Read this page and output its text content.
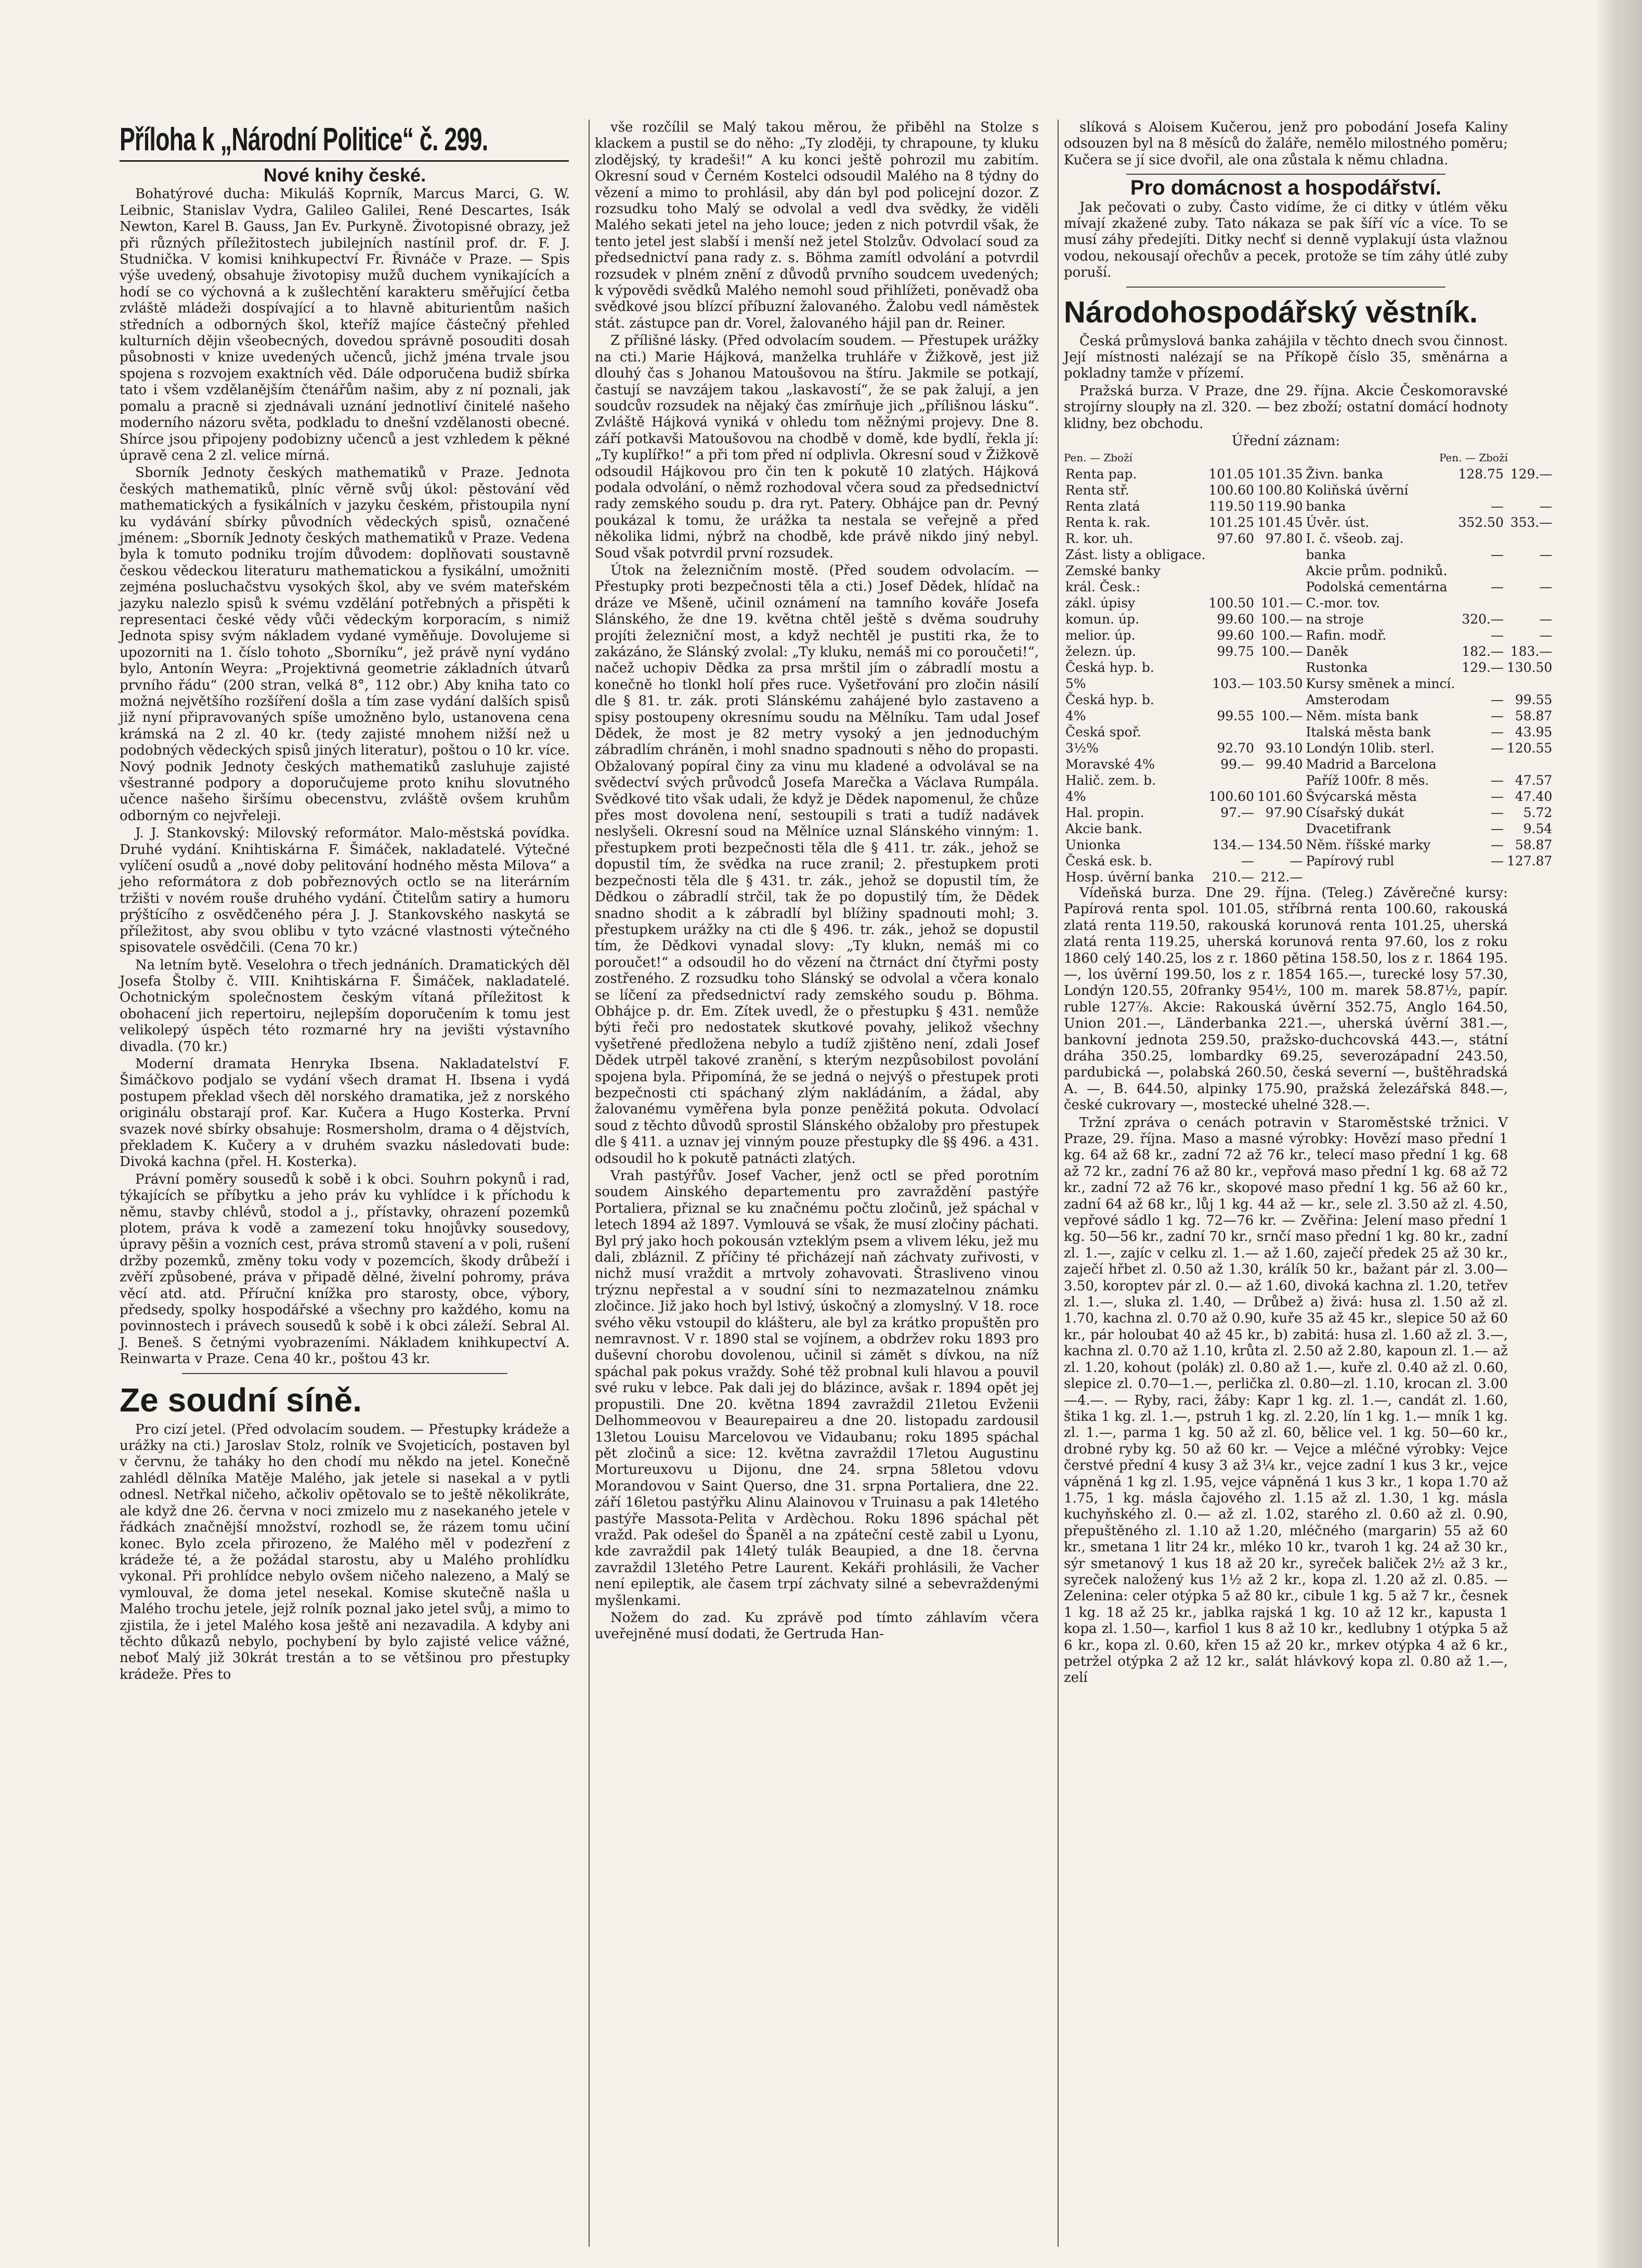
Příloha k „Národní Politice“ č. 299.
Nové knihy české.

Bohatýrové ducha: Mikuláš Koprník, Marcus Marci, G. W. Leibnic, Stanislav Vydra, Galileo Galilei, René Descartes, Isák Newton, Karel B. Gauss, Jan Ev. Purkyně. Životopisné obrazy, jež při různých příležitostech jubilejních nastínil prof. dr. F. J. Studnička. V komisi knihkupectví Fr. Řivnáče v Praze. — Spis výše uvedený, obsahuje životopisy mužů duchem vynikajících a hodí se co výchovná a k zušlechtění karakteru směřující četba zvláště mládeži dospívající a to hlavně abiturientům našich středních a odborných škol, kteříž majíce částečný přehled kulturních dějin všeobecných, dovedou správně posouditi dosah působnosti v knize uvedených učenců, jichž jména trvale jsou spojena s rozvojem exaktních věd. Dále odporučena budiž sbírka tato i všem vzdělanějším čtenářům našim, aby z ní poznali, jak pomalu a pracně si zjednávali uznání jednotliví činitelé našeho moderního názoru světa, podkladu to dnešní vzdělanosti obecné. Shírce jsou připojeny podobizny učenců a jest vzhledem k pěkné úpravě cena 2 zl. velice mírná.

Sborník Jednoty českých mathematiků v Praze. Jednota českých mathematiků, plníc věrně svůj úkol: pěstování věd mathematických a fysikálních v jazyku českém, přistoupila nyní ku vydávání sbírky původních vědeckých spisů, označené jménem: „Sborník Jednoty českých mathematiků v Praze. Vedena byla k tomuto podniku trojím důvodem: doplňovati soustavně českou vědeckou literaturu mathematickou a fysikální, umožniti zejména posluchačstvu vysokých škol, aby ve svém mateřském jazyku nalezlo spisů k svému vzdělání potřebných a přispěti k representaci české vědy vůči vědeckým korporacím, s nimiž Jednota spisy svým nákladem vydané vyměňuje. Dovolujeme si upozorniti na 1. číslo tohoto „Sborníku“, jež právě nyní vydáno bylo, Antonín Weyra: „Projektivná geometrie základních útvarů prvního řádu“ (200 stran, velká 8°, 112 obr.) Aby kniha tato co možná největšího rozšíření došla a tím zase vydání dalších spisů již nyní připravovaných spíše umožněno bylo, ustanovena cena krámská na 2 zl. 40 kr. (tedy zajisté mnohem nižší než u podobných vědeckých spisů jiných literatur), poštou o 10 kr. více. Nový podnik Jednoty českých mathematiků zasluhuje zajisté všestranné podpory a doporučujeme proto knihu slovutného učence našeho širšímu obecenstvu, zvláště ovšem kruhům odborným co nejvřeleji.

J. J. Stankovský: Milovský reformátor. Malo-městská povídka. Druhé vydání. Knihtiskárna F. Šimáček, nakladatelé. Výtečné vylíčení osudů a „nové doby pelitování hodného města Milova“ a jeho reformátora z dob pobřeznových octlo se na literárním tržišti v novém rouše druhého vydání. Čtitelům satiry a humoru prýštícího z osvědčeného péra J. J. Stankovského naskytá se příležitost, aby svou oblibu v tyto vzácné vlastnosti výtečného spisovatele osvědčili. (Cena 70 kr.)

Na letním bytě. Veselohra o třech jednáních. Dramatických děl Josefa Štolby č. VIII. Knihtiskárna F. Šimáček, nakladatelé. Ochotnickým společnostem českým vítaná příležitost k obohacení jich repertoiru, nejlepším doporučením k tomu jest velikolepý úspěch této rozmarné hry na jevišti výstavního divadla. (70 kr.)

Moderní dramata Henryka Ibsena. Nakladatelství F. Šimáčkovo podjalo se vydání všech dramat H. Ibsena i vydá postupem překlad všech děl norského dramatika, jež z norského originálu obstarají prof. Kar. Kučera a Hugo Kosterka. První svazek nové sbírky obsahuje: Rosmersholm, drama o 4 dějstvích, překladem K. Kučery a v druhém svazku následovati bude: Divoká kachna (přel. H. Kosterka).

Právní poměry sousedů k sobě i k obci. Souhrn pokynů i rad, týkajících se příbytku a jeho práv ku vyhlídce i k příchodu k němu, stavby chlévů, stodol a j., přístavky, ohrazení pozemků plotem, práva k vodě a zamezení toku hnojůvky sousedovy, úpravy pěšin a vozních cest, práva stromů stavení a v poli, rušení držby pozemků, změny toku vody v pozemcích, škody drůbeží i zvěří způsobené, práva v připadě dělné, živelní pohromy, práva věcí atd. atd. Příruční knížka pro starosty, obce, výbory, předsedy, spolky hospodářské a všechny pro každého, komu na povinnostech i právech sousedů k sobě i k obci záleží. Sebral Al. J. Beneš. S četnými vyobrazeními. Nákladem knihkupectví A. Reinwarta v Praze. Cena 40 kr., poštou 43 kr.

Ze soudní síně.

Pro cizí jetel. (Před odvolacím soudem. — Přestupky krádeže a urážky na cti.) Jaroslav Stolz, rolník ve Svojeticích, postaven byl v červnu, že taháky ho den chodí mu někdo na jetel. Konečně zahlédl dělníka Matěje Malého, jak jetele si nasekal a v pytli odnesl. Netřkal ničeho, ačkoliv opětovalo se to ještě několikráte, ale když dne 26. června v noci zmizelo mu z nasekaného jetele v řádkách značnější množství, rozhodl se, že rázem tomu učiní konec. Bylo zcela přirozeno, že Malého měl v podezření z krádeže té, a že požádal starostu, aby u Malého prohlídku vykonal. Při prohlídce nebylo ovšem ničeho nalezeno, a Malý se vymlouval, že doma jetel nesekal. Komise skutečně našla u Malého trochu jetele, jejž rolník poznal jako jetel svůj, a mimo to zjistila, že i jetel Malého kosa ještě ani nezavadila. A kdyby ani těchto důkazů nebylo, pochybení by bylo zajisté velice vážné, neboť Malý již 30krát trestán a to se většinou pro přestupky krádeže. Přes to

vše rozčílil se Malý takou měrou, že přiběhl na Stolze s klackem a pustil se do něho: „Ty zloději, ty chrapoune, ty kluku zlodějský, ty kradeši!“ A ku konci ještě pohrozil mu zabitím. Okresní soud v Černém Kostelci odsoudil Malého na 8 týdny do vězení a mimo to prohlásil, aby dán byl pod policejní dozor. Z rozsudku toho Malý se odvolal a vedl dva svědky, že viděli Malého sekati jetel na jeho louce; jeden z nich potvrdil však, že tento jetel jest slabší i menší než jetel Stolzův. Odvolací soud za předsednictví pana rady z. s. Böhma zamítl odvolání a potvrdil rozsudek v plném znění z důvodů prvního soudcem uvedených; k výpovědi svědků Malého nemohl soud přihlížeti, poněvadž oba svědkové jsou blízcí příbuzní žalovaného. Žalobu vedl náměstek stát. zástupce pan dr. Vorel, žalovaného hájil pan dr. Reiner.

Z přílišné lásky. (Před odvolacím soudem. — Přestupek urážky na cti.) Marie Hájková, manželka truhláře v Žižkově, jest již dlouhý čas s Johanou Matoušovou na štíru. Jakmile se potkají, častují se navzájem takou „laskavostí“, že se pak žalují, a jen soudcův rozsudek na nějaký čas zmírňuje jich „přílišnou lásku“. Zvláště Hájková vyniká v ohledu tom něžnými projevy. Dne 8. září potkavši Matoušovou na chodbě v domě, kde bydlí, řekla jí: „Ty kuplířko!“ a při tom před ní odplivla. Okresní soud v Žižkově odsoudil Hájkovou pro čin ten k pokutě 10 zlatých. Hájková podala odvolání, o němž rozhodoval včera soud za předsednictví rady zemského soudu p. dra ryt. Patery. Obhájce pan dr. Pevný poukázal k tomu, že urážka ta nestala se veřejně a před několika lidmi, nýbrž na chodbě, kde právě nikdo jiný nebyl. Soud však potvrdil první rozsudek.

Útok na železničním mostě. (Před soudem odvolacím. — Přestupky proti bezpečnosti těla a cti.) Josef Dědek, hlídač na dráze ve Mšeně, učinil oznámení na tamního kováře Josefa Slánského, že dne 19. května chtěl ještě s dvěma soudruhy projíti železniční most, a když nechtěl je pustiti rka, že to zakázáno, že Slánský zvolal: „Ty kluku, nemáš mi co poroučeti!“, načež uchopiv Dědka za prsa mrštil jím o zábradlí mostu a konečně ho tlonkl holí přes ruce. Vyšetřování pro zločin násilí dle § 81. tr. zák. proti Slánskému zahájené bylo zastaveno a spisy postoupeny okresnímu soudu na Mělníku. Tam udal Josef Dědek, že most je 82 metry vysoký a jen jednoduchým zábradlím chráněn, i mohl snadno spadnouti s něho do propasti. Obžalovaný popíral činy za vinu mu kladené a odvolával se na svědectví svých průvodců Josefa Marečka a Václava Rumpála. Svědkové tito však udali, že když je Dědek napomenul, že chůze přes most dovolena není, sestoupili s trati a tudíž nadávek neslyšeli. Okresní soud na Mělníce uznal Slánského vinným: 1. přestupkem proti bezpečnosti těla dle § 411. tr. zák., jehož se dopustil tím, že svědka na ruce zranil; 2. přestupkem proti bezpečnosti těla dle § 431. tr. zák., jehož se dopustil tím, že Dědkou o zábradlí strčil, tak že po dopustilý tím, že Dědek snadno shodit a k zábradlí byl blížiny spadnouti mohl; 3. přestupkem urážky na cti dle § 496. tr. zák., jehož se dopustil tím, že Dědkovi vynadal slovy: „Ty klukn, nemáš mi co poroučet!“ a odsoudil ho do vězení na čtrnáct dní čtyřmi posty zostřeného. Z rozsudku toho Slánský se odvolal a včera konalo se líčení za předsednictví rady zemského soudu p. Böhma. Obhájce p. dr. Em. Zítek uvedl, že o přestupku § 431. nemůže býti řeči pro nedostatek skutkové povahy, jelikož všechny vyšetřené předložena nebylo a tudíž zjištěno není, zdali Josef Dědek utrpěl takové zranění, s kterým nezpůsobilost povolání spojena byla. Připomíná, že se jedná o nejvýš o přestupek proti bezpečnosti cti spáchaný zlým nakládáním, a žádal, aby žalovanému vyměřena byla ponze peněžitá pokuta. Odvolací soud z těchto důvodů sprostil Slánského obžaloby pro přestupek dle § 411. a uznav jej vinným pouze přestupky dle §§ 496. a 431. odsoudil ho k pokutě patnácti zlatých.

Vrah pastýřův. Josef Vacher, jenž octl se před porotním soudem Ainského departementu pro zavraždění pastýře Portaliera, přiznal se ku značnému počtu zločinů, jež spáchal v letech 1894 až 1897. Vymlouvá se však, že musí zločiny páchati. Byl prý jako hoch pokousán vzteklým psem a vlivem léku, jež mu dali, zbláznil. Z příčiny té přicházejí naň záchvaty zuřivosti, v nichž musí vraždit a mrtvoly zohavovati. Štrasliveno vinou trýznu nepřestal a v soudní síni to nezmazatelnou známku zločince. Již jako hoch byl lstivý, úskočný a zlomyslný. V 18. roce svého věku vstoupil do klášteru, ale byl za krátko propuštěn pro nemravnost. V r. 1890 stal se vojínem, a obdržev roku 1893 pro duševní chorobu dovolenou, učinil si zámět s dívkou, na níž spáchal pak pokus vraždy. Sohé těž probnal kuli hlavou a pouvil své ruku v lebce. Pak dali jej do blázince, avšak r. 1894 opět jej propustili. Dne 20. května 1894 zavraždil 21letou Evženii Delhommeovou v Beaurepaireu a dne 20. listopadu zardousil 13letou Louisu Marcelovou ve Vidaubanu; roku 1895 spáchal pět zločinů a sice: 12. května zavraždil 17letou Augustinu Mortureuxovu u Dijonu, dne 24. srpna 58letou vdovu Morandovou v Saint Querso, dne 31. srpna Portaliera, dne 22. září 16letou pastýřku Alinu Alainovou v Truinasu a pak 14letého pastýře Massota-Pelita v Ardèchou. Roku 1896 spáchal pět vražd. Pak odešel do Španěl a na zpáteční cestě zabil u Lyonu, kde zavraždil pak 14letý tulák Beaupied, a dne 18. června zavraždil 13letého Petre Laurent. Kekáři prohlásili, že Vacher není epileptik, ale časem trpí záchvaty silné a sebevraždenými myšlenkami.

Nožem do zad. Ku zprávě pod tímto záhlavím včera uveřejněné musí dodati, že Gertruda Han-

slíková s Aloisem Kučerou, jenž pro pobodání Josefa Kaliny odsouzen byl na 8 měsíců do žaláře, nemělo milostného poměru; Kučera se jí sice dvořil, ale ona zůstala k němu chladna.

Pro domácnost a hospodářství.

Jak pečovati o zuby. Často vidíme, že ci ditky v útlém věku mívají zkažené zuby. Tato nákaza se pak šíří víc a více. To se musí záhy předejíti. Ditky nechť si denně vyplakují ústa vlažnou vodou, nekousají ořechův a pecek, protože se tím záhy útlé zuby poruší.

Národohospodářský věstník.

Česká průmyslová banka zahájila v těchto dnech svou činnost. Její místnosti nalézají se na Příkopě číslo 35, směnárna a pokladny tamže v přízemí.

Pražská burza. V Praze, dne 29. října. Akcie Českomoravské strojírny sloupły na zl. 320. — bez zboží; ostatní domácí hodnoty klidny, bez obchodu.

Úřední záznam:
Pen. — Zboží	Pen. — Zboží
Renta pap.	101.05	101.35	Živn. banka	128.75	129.—
Renta stř.	100.60	100.80	Koliňská úvěrní		
Renta zlatá	119.50	119.90	banka	—	—
Renta k. rak.	101.25	101.45	Úvěr. úst.	352.50	353.—
R. kor. uh.	97.60	97.80	I. č. všeob. zaj.		
Zást. listy a obligace.			banka	—	—
Zemské banky			Akcie prům. podniků.		
král. Česk.:			Podolská cementárna	—	—
zákl. úpisy	100.50	101.—	C.-mor. tov.		
komun. úp.	99.60	100.—	na stroje	320.—	—
melior. úp.	99.60	100.—	Rafin. modř.	—	—
železn. úp.	99.75	100.—	Daněk	182.—	183.—
Česká hyp. b.			Rustonka	129.—	130.50
5%	103.—	103.50	Kursy směnek a mincí.		
Česká hyp. b.			Amsterodam	—	99.55
4%	99.55	100.—	Něm. místa bank	—	58.87
Česká spoř.			Italská města bank	—	43.95
3½%	92.70	93.10	Londýn 10lib. sterl.	—	120.55
Moravské 4%	99.—	99.40	Madrid a Barcelona		
Halič. zem. b.			Paříž 100fr. 8 měs.	—	47.57
4%	100.60	101.60	Švýcarská města	—	47.40
Hal. propin.	97.—	97.90	Císařský dukát	—	5.72
Akcie bank.			Dvacetifrank	—	9.54
Unionka	134.—	134.50	Něm. říšské marky	—	58.87
Česká esk. b.	—	—	Papírový rubl	—	127.87
Hosp. úvěrní banka	210.—	212.—			

Vídeňská burza. Dne 29. října. (Teleg.) Závěrečné kursy: Papírová renta spol. 101.05, stříbrná renta 100.60, rakouská zlatá renta 119.50, rakouská korunová renta 101.25, uherská zlatá renta 119.25, uherská korunová renta 97.60, los z roku 1860 celý 140.25, los z r. 1860 pětina 158.50, los z r. 1864 195.—, los úvěrní 199.50, los z r. 1854 165.—, turecké losy 57.30, Londýn 120.55, 20franky 954½, 100 m. marek 58.87½, papír. ruble 127⅞. Akcie: Rakouská úvěrní 352.75, Anglo 164.50, Union 201.—, Länderbanka 221.—, uherská úvěrní 381.—, bankovní jednota 259.50, pražsko-duchcovská 443.—, státní dráha 350.25, lombardky 69.25, severozápadní 243.50, pardubická —, polabská 260.50, česká severní —, buštěhradská A. —, B. 644.50, alpinky 175.90, pražská železářská 848.—, české cukrovary —, mostecké uhelné 328.—.

Tržní zpráva o cenách potravin v Staroměstské tržnici. V Praze, 29. října. Maso a masné výrobky: Hovězí maso přední 1 kg. 64 až 68 kr., zadní 72 až 76 kr., telecí maso přední 1 kg. 68 až 72 kr., zadní 76 až 80 kr., vepřová maso přední 1 kg. 68 až 72 kr., zadní 72 až 76 kr., skopové maso přední 1 kg. 56 až 60 kr., zadní 64 až 68 kr., lůj 1 kg. 44 až — kr., sele zl. 3.50 až zl. 4.50, vepřové sádlo 1 kg. 72—76 kr. — Zvěřina: Jelení maso přední 1 kg. 50—56 kr., zadní 70 kr., srnčí maso přední 1 kg. 80 kr., zadní zl. 1.—, zajíc v celku zl. 1.— až 1.60, zaječí předek 25 až 30 kr., zaječí hřbet zl. 0.50 až 1.30, králík 50 kr., bažant pár zl. 3.00—3.50, koroptev pár zl. 0.— až 1.60, divoká kachna zl. 1.20, tetřev zl. 1.—, sluka zl. 1.40, — Drůbež a) živá: husa zl. 1.50 až zl. 1.70, kachna zl. 0.70 až 0.90, kuře 35 až 45 kr., slepice 50 až 60 kr., pár holoubat 40 až 45 kr., b) zabitá: husa zl. 1.60 až zl. 3.—, kachna zl. 0.70 až 1.10, krůta zl. 2.50 až 2.80, kapoun zl. 1.— až zl. 1.20, kohout (polák) zl. 0.80 až 1.—, kuře zl. 0.40 až zl. 0.60, slepice zl. 0.70—1.—, perlička zl. 0.80—zl. 1.10, krocan zl. 3.00—4.—. — Ryby, raci, žáby: Kapr 1 kg. zl. 1.—, candát zl. 1.60, štika 1 kg. zl. 1.—, pstruh 1 kg. zl. 2.20, lín 1 kg. 1.— mník 1 kg. zl. 1.—, parma 1 kg. 50 až zl. 60, bělice vel. 1 kg. 50—60 kr., drobné ryby kg. 50 až 60 kr. — Vejce a mléčné výrobky: Vejce čerstvé přední 4 kusy 3 až 3¼ kr., vejce zadní 1 kus 3 kr., vejce vápněná 1 kg zl. 1.95, vejce vápněná 1 kus 3 kr., 1 kopa 1.70 až 1.75, 1 kg. másla čajového zl. 1.15 až zl. 1.30, 1 kg. másla kuchyňského zl. 0.— až zl. 1.02, starého zl. 0.60 až zl. 0.90, přepuštěného zl. 1.10 až 1.20, mléčného (margarin) 55 až 60 kr., smetana 1 litr 24 kr., mléko 10 kr., tvaroh 1 kg. 24 až 30 kr., sýr smetanový 1 kus 18 až 20 kr., syreček baliček 2½ až 3 kr., syreček naložený kus 1½ až 2 kr., kopa zl. 1.20 až zl. 0.85. — Zelenina: celer otýpka 5 až 80 kr., cibule 1 kg. 5 až 7 kr., česnek 1 kg. 18 až 25 kr., jablka rajská 1 kg. 10 až 12 kr., kapusta 1 kopa zl. 1.50—, karfiol 1 kus 8 až 10 kr., kedlubny 1 otýpka 5 až 6 kr., kopa zl. 0.60, křen 15 až 20 kr., mrkev otýpka 4 až 6 kr., petržel otýpka 2 až 12 kr., salát hlávkový kopa zl. 0.80 až 1.—, zelí
